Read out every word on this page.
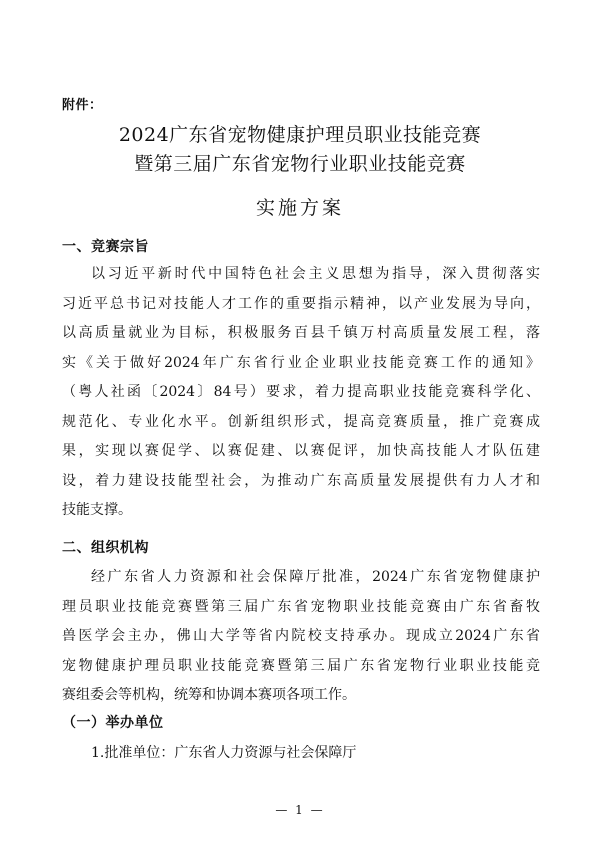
附件：
2024广东省宠物健康护理员职业技能竞赛
暨第三届广东省宠物行业职业技能竞赛
实施方案
一、竞赛宗旨
以习近平新时代中国特色社会主义思想为指导，深入贯彻落实
习近平总书记对技能人才工作的重要指示精神，以产业发展为导向，
以高质量就业为目标，积极服务百县千镇万村高质量发展工程，落
实《关于做好2024年广东省行业企业职业技能竞赛工作的通知》
（粤人社函〔2024〕84号）要求，着力提高职业技能竞赛科学化、
规范化、专业化水平。创新组织形式，提高竞赛质量，推广竞赛成
果，实现以赛促学、以赛促建、以赛促评，加快高技能人才队伍建
设，着力建设技能型社会，为推动广东高质量发展提供有力人才和
技能支撑。
二、组织机构
经广东省人力资源和社会保障厅批准，2024广东省宠物健康护
理员职业技能竞赛暨第三届广东省宠物职业技能竞赛由广东省畜牧
兽医学会主办，佛山大学等省内院校支持承办。现成立2024广东省
宠物健康护理员职业技能竞赛暨第三届广东省宠物行业职业技能竞
赛组委会等机构，统筹和协调本赛项各项工作。
（一）举办单位
1.批准单位：广东省人力资源与社会保障厅
— 1 —
